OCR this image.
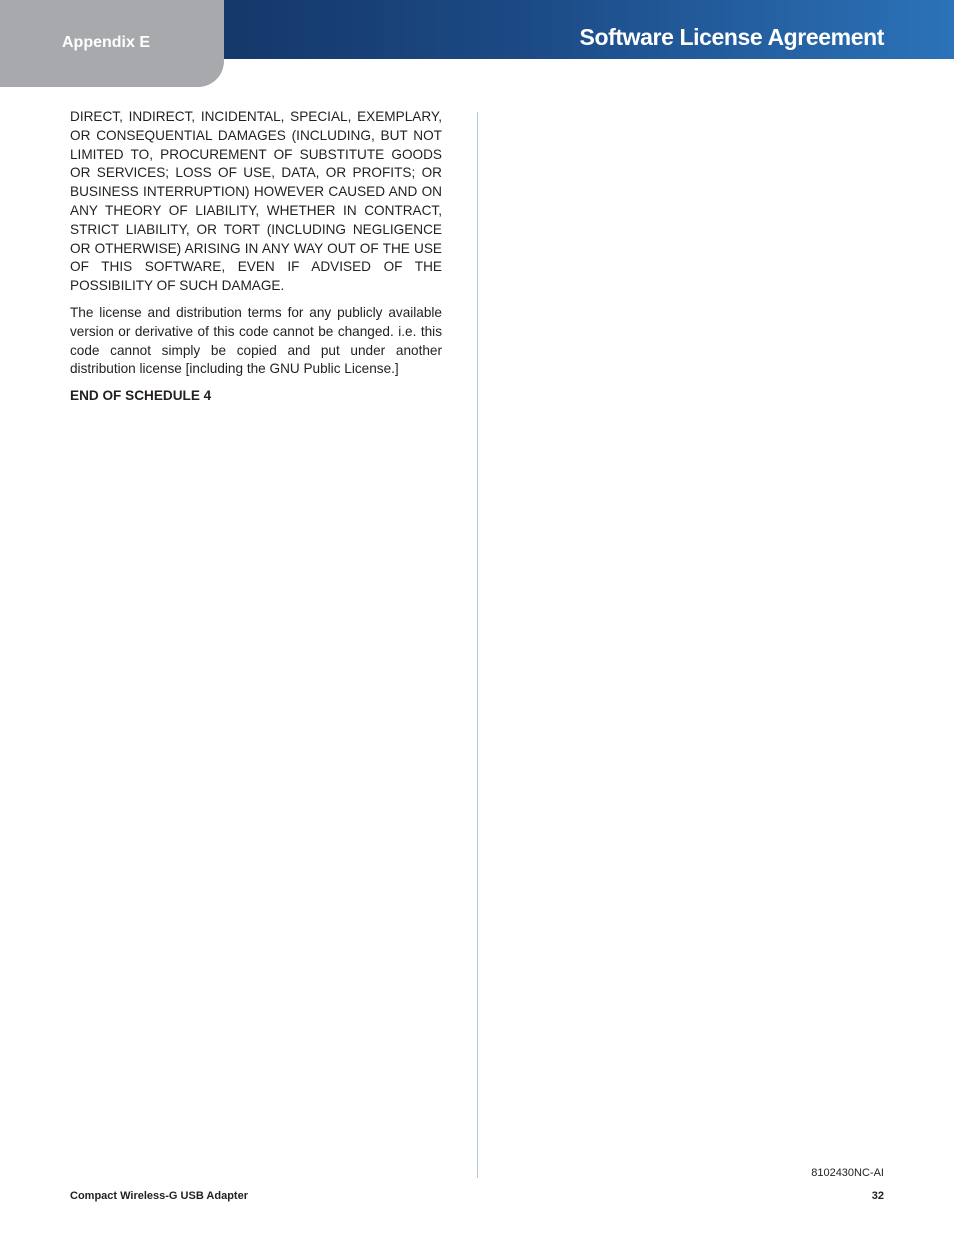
Appendix E	Software License Agreement

DIRECT, INDIRECT, INCIDENTAL, SPECIAL, EXEMPLARY, OR CONSEQUENTIAL DAMAGES (INCLUDING, BUT NOT LIMITED TO, PROCUREMENT OF SUBSTITUTE GOODS OR SERVICES; LOSS OF USE, DATA, OR PROFITS; OR BUSINESS INTERRUPTION) HOWEVER CAUSED AND ON ANY THEORY OF LIABILITY, WHETHER IN CONTRACT, STRICT LIABILITY, OR TORT (INCLUDING NEGLIGENCE OR OTHERWISE) ARISING IN ANY WAY OUT OF THE USE OF THIS SOFTWARE, EVEN IF ADVISED OF THE POSSIBILITY OF SUCH DAMAGE.

The license and distribution terms for any publicly available version or derivative of this code cannot be changed. i.e. this code cannot simply be copied and put under another distribution license [including the GNU Public License.]

END OF SCHEDULE 4

8102430NC-AI
Compact Wireless-G USB Adapter	32
